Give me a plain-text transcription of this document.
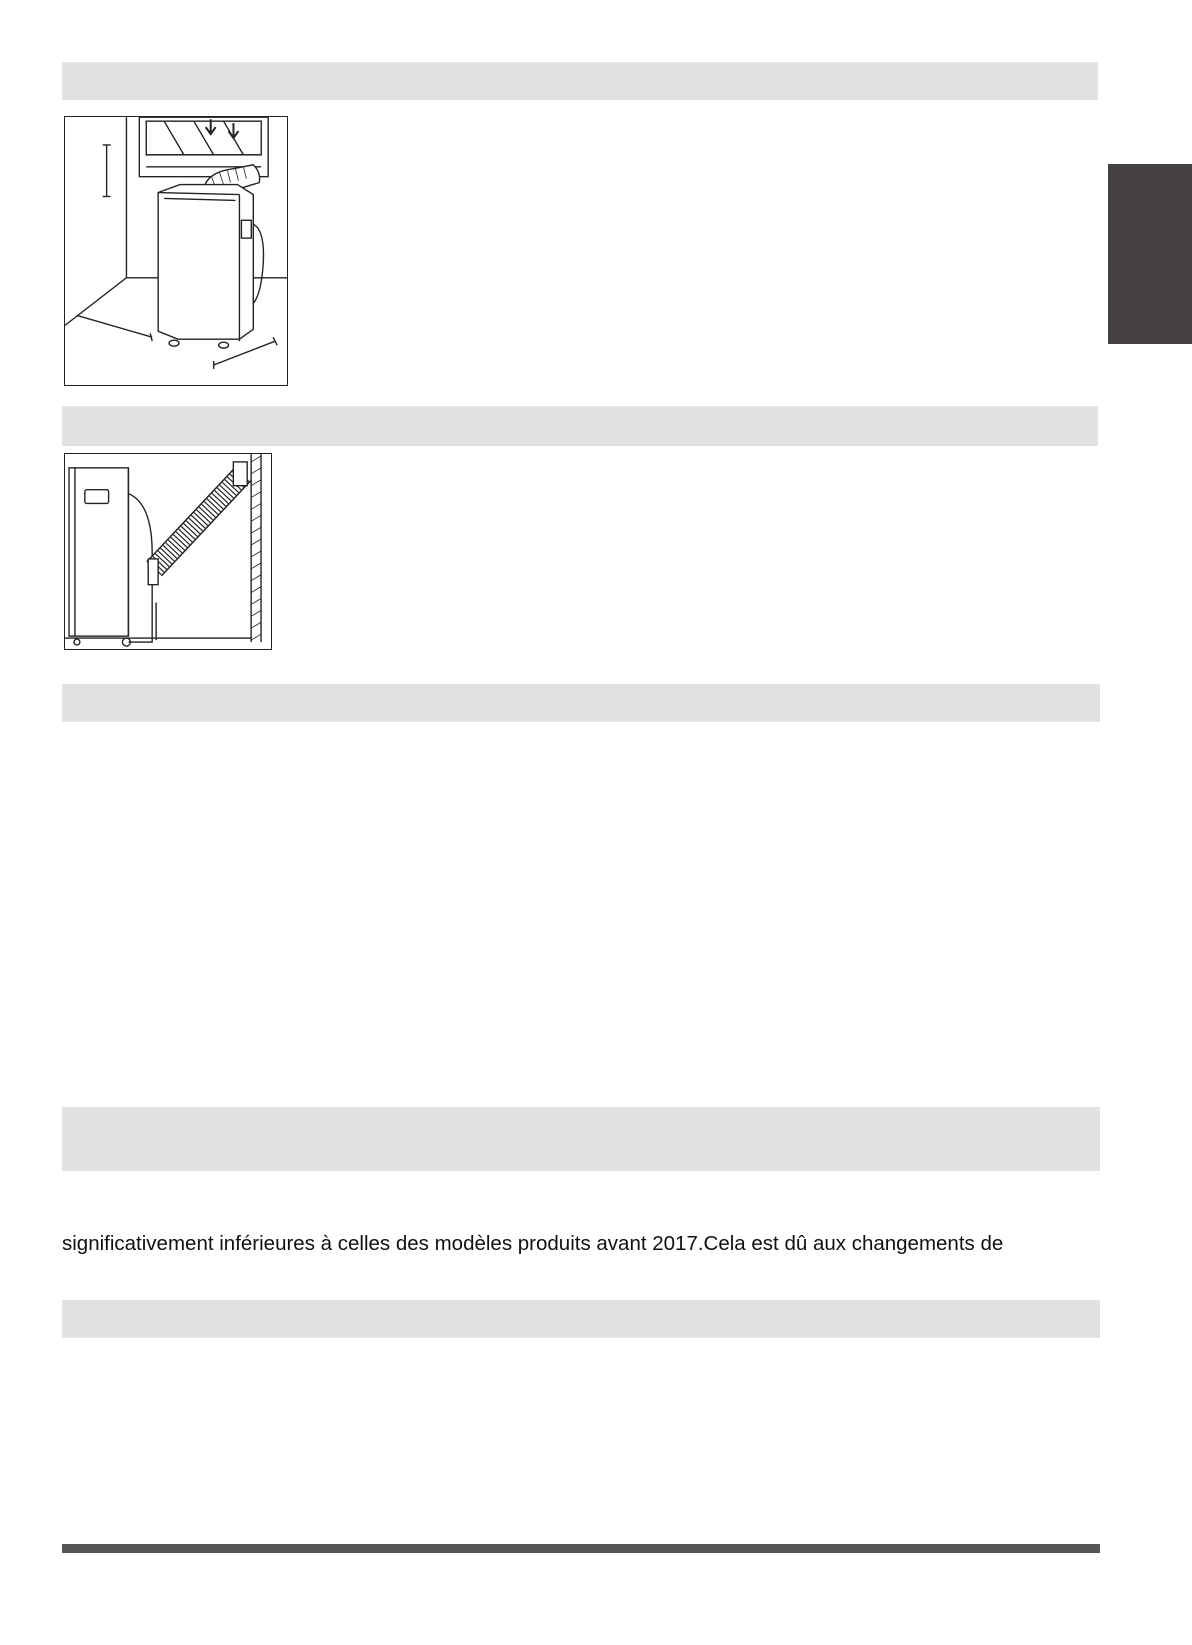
significativement inférieures à celles des modèles produits avant 2017.Cela est dû aux changements de
